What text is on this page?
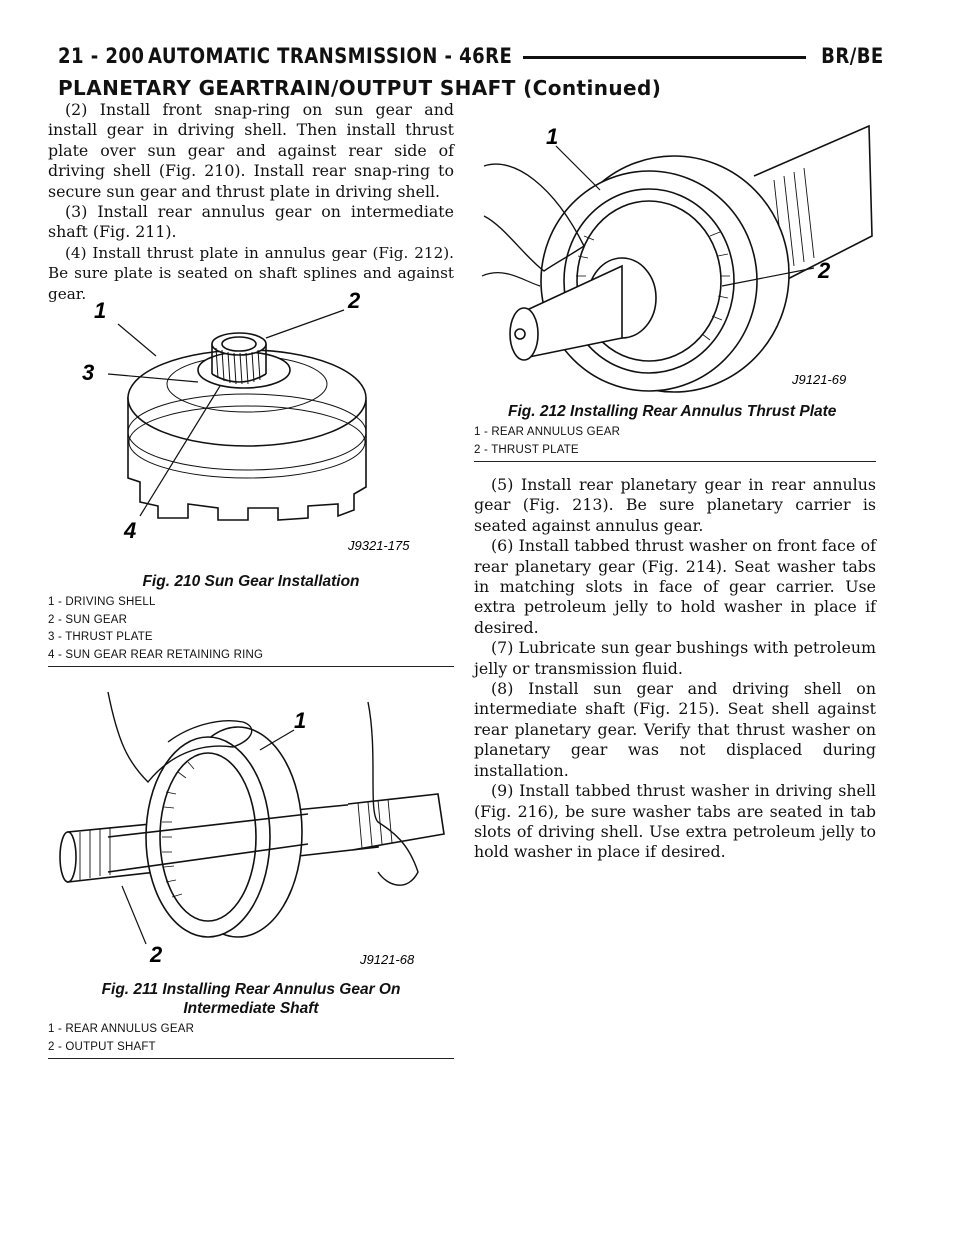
21 - 200 AUTOMATIC TRANSMISSION - 46RE	BR/BE
PLANETARY GEARTRAIN/OUTPUT SHAFT (Continued)

(2) Install front snap-ring on sun gear and install gear in driving shell. Then install thrust plate over sun gear and against rear side of driving shell (Fig. 210). Install rear snap-ring to secure sun gear and thrust plate in driving shell.

(3) Install rear annulus gear on intermediate shaft (Fig. 211).

(4) Install thrust plate in annulus gear (Fig. 212). Be sure plate is seated on shaft splines and against gear.

1	2
3
4
J9321-175
Fig. 210 Sun Gear Installation
1 - DRIVING SHELL
2 - SUN GEAR
3 - THRUST PLATE
4 - SUN GEAR REAR RETAINING RING
1
2	J9121-68
Fig. 211 Installing Rear Annulus Gear On
Intermediate Shaft
1 - REAR ANNULUS GEAR
2 - OUTPUT SHAFT
1
2
J9121-69
Fig. 212 Installing Rear Annulus Thrust Plate
1 - REAR ANNULUS GEAR
2 - THRUST PLATE

(5) Install rear planetary gear in rear annulus gear (Fig. 213). Be sure planetary carrier is seated against annulus gear.

(6) Install tabbed thrust washer on front face of rear planetary gear (Fig. 214). Seat washer tabs in matching slots in face of gear carrier. Use extra petroleum jelly to hold washer in place if desired.

(7) Lubricate sun gear bushings with petroleum jelly or transmission fluid.

(8) Install sun gear and driving shell on intermediate shaft (Fig. 215). Seat shell against rear planetary gear. Verify that thrust washer on planetary gear was not displaced during installation.

(9) Install tabbed thrust washer in driving shell (Fig. 216), be sure washer tabs are seated in tab slots of driving shell. Use extra petroleum jelly to hold washer in place if desired.
